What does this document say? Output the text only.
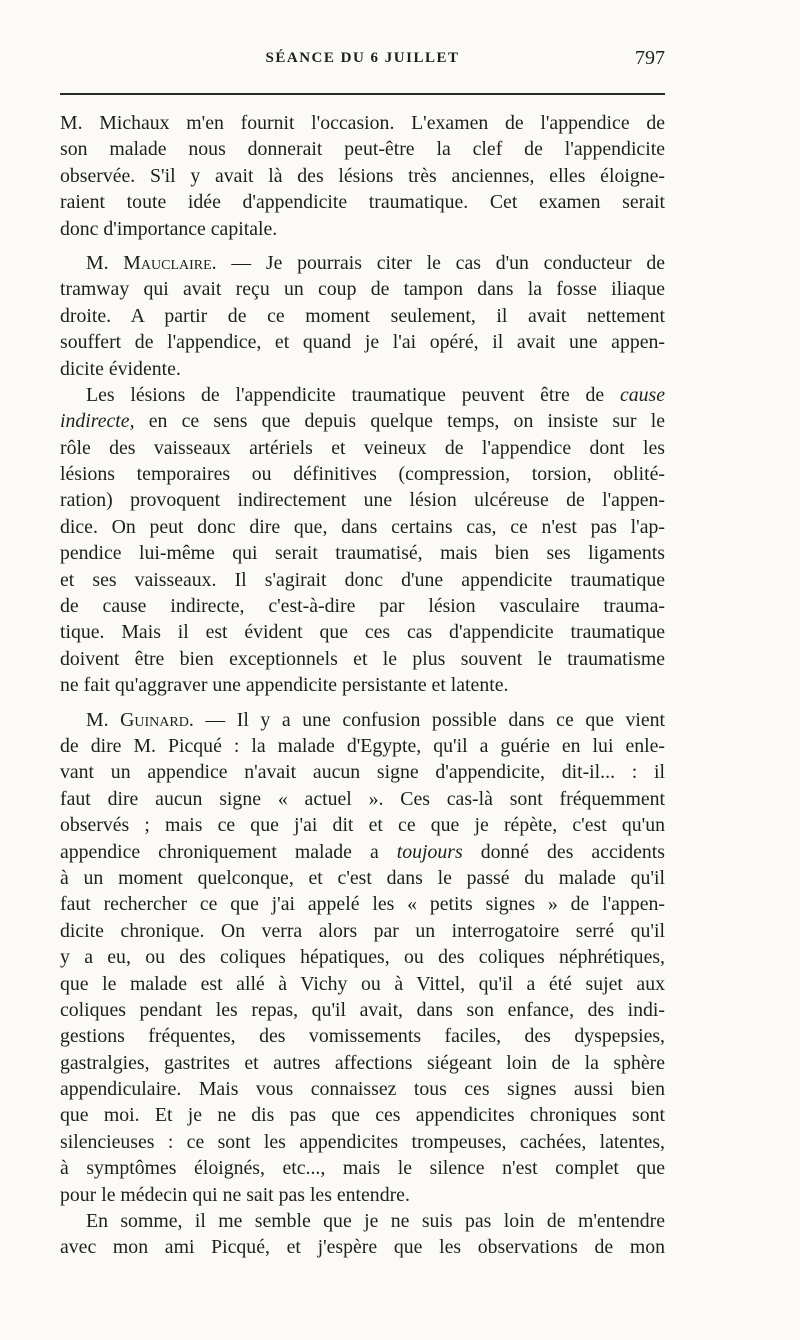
SÉANCE DU 6 JUILLET	797
M. Michaux m'en fournit l'occasion. L'examen de l'appendice de
son malade nous donnerait peut-être la clef de l'appendicite
observée. S'il y avait là des lésions très anciennes, elles éloigne-
raient toute idée d'appendicite traumatique. Cet examen serait
donc d'importance capitale.
M. Mauclaire. — Je pourrais citer le cas d'un conducteur de
tramway qui avait reçu un coup de tampon dans la fosse iliaque
droite. A partir de ce moment seulement, il avait nettement
souffert de l'appendice, et quand je l'ai opéré, il avait une appen-
dicite évidente.
Les lésions de l'appendicite traumatique peuvent être de cause
indirecte, en ce sens que depuis quelque temps, on insiste sur le
rôle des vaisseaux artériels et veineux de l'appendice dont les
lésions temporaires ou définitives (compression, torsion, oblité-
ration) provoquent indirectement une lésion ulcéreuse de l'appen-
dice. On peut donc dire que, dans certains cas, ce n'est pas l'ap-
pendice lui-même qui serait traumatisé, mais bien ses ligaments
et ses vaisseaux. Il s'agirait donc d'une appendicite traumatique
de cause indirecte, c'est-à-dire par lésion vasculaire trauma-
tique. Mais il est évident que ces cas d'appendicite traumatique
doivent être bien exceptionnels et le plus souvent le traumatisme
ne fait qu'aggraver une appendicite persistante et latente.
M. Guinard. — Il y a une confusion possible dans ce que vient
de dire M. Picqué : la malade d'Egypte, qu'il a guérie en lui enle-
vant un appendice n'avait aucun signe d'appendicite, dit-il... : il
faut dire aucun signe « actuel ». Ces cas-là sont fréquemment
observés ; mais ce que j'ai dit et ce que je répète, c'est qu'un
appendice chroniquement malade a toujours donné des accidents
à un moment quelconque, et c'est dans le passé du malade qu'il
faut rechercher ce que j'ai appelé les « petits signes » de l'appen-
dicite chronique. On verra alors par un interrogatoire serré qu'il
y a eu, ou des coliques hépatiques, ou des coliques néphrétiques,
que le malade est allé à Vichy ou à Vittel, qu'il a été sujet aux
coliques pendant les repas, qu'il avait, dans son enfance, des indi-
gestions fréquentes, des vomissements faciles, des dyspepsies,
gastralgies, gastrites et autres affections siégeant loin de la sphère
appendiculaire. Mais vous connaissez tous ces signes aussi bien
que moi. Et je ne dis pas que ces appendicites chroniques sont
silencieuses : ce sont les appendicites trompeuses, cachées, latentes,
à symptômes éloignés, etc..., mais le silence n'est complet que
pour le médecin qui ne sait pas les entendre.
En somme, il me semble que je ne suis pas loin de m'entendre
avec mon ami Picqué, et j'espère que les observations de mon
